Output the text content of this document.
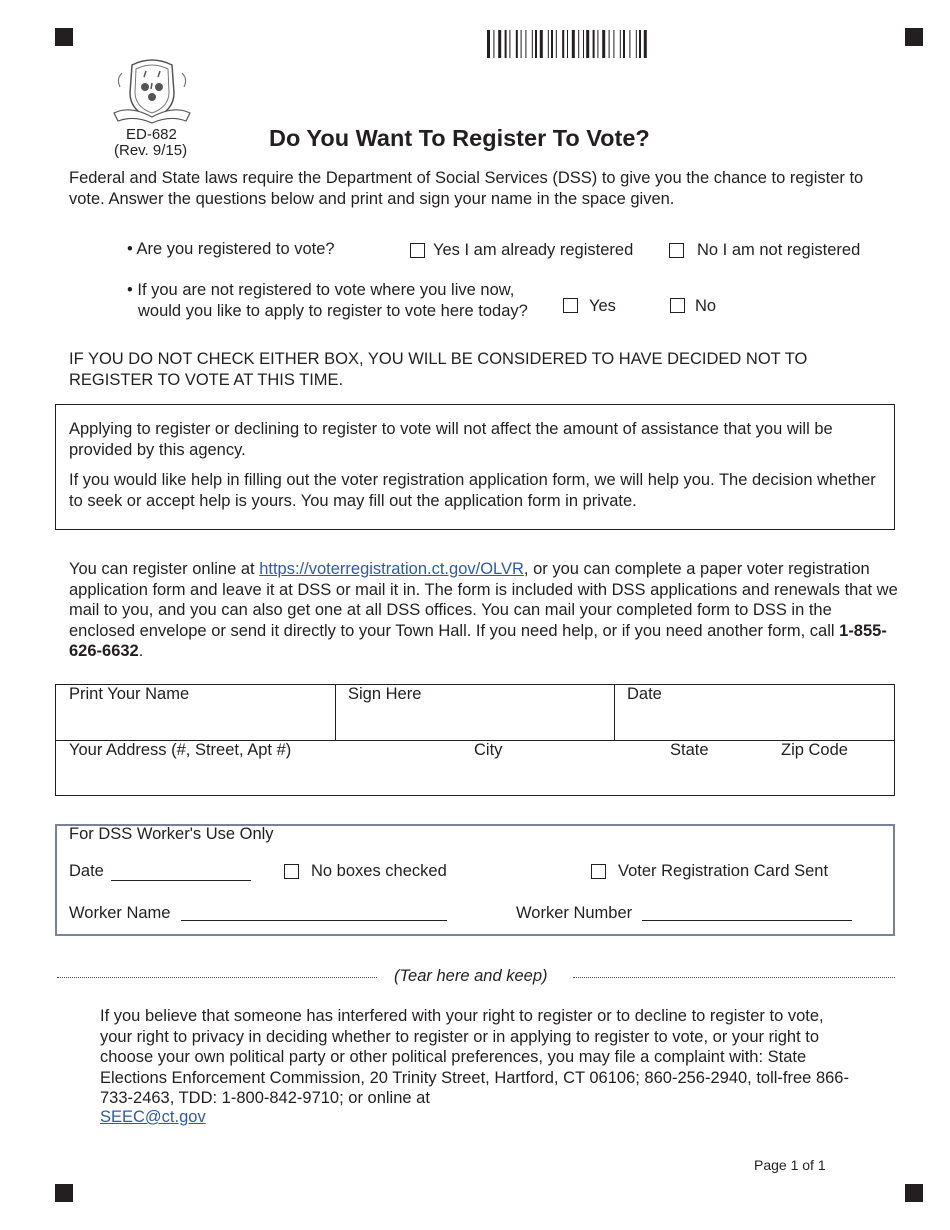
ED-682
(Rev. 9/15)	Do You Want To Register To Vote?

Federal and State laws require the Department of Social Services (DSS) to give you the chance to register to vote. Answer the questions below and print and sign your name in the space given.

• Are you registered to vote?	Yes I am already registered	No I am not registered
• If you are not registered to vote where you live now,
would you like to apply to register to vote here today?	Yes	No

IF YOU DO NOT CHECK EITHER BOX, YOU WILL BE CONSIDERED TO HAVE DECIDED NOT TO REGISTER TO VOTE AT THIS TIME.

Applying to register or declining to register to vote will not affect the amount of assistance that you will be provided by this agency.

If you would like help in filling out the voter registration application form, we will help you. The decision whether to seek or accept help is yours. You may fill out the application form in private.

You can register online at https://voterregistration.ct.gov/OLVR, or you can complete a paper voter registration application form and leave it at DSS or mail it in. The form is included with DSS applications and renewals that we mail to you, and you can also get one at all DSS offices. You can mail your completed form to DSS in the enclosed envelope or send it directly to your Town Hall. If you need help, or if you need another form, call 1-855-626-6632.

Print Your Name	Sign Here	Date
Your Address (#, Street, Apt #)	City	State	Zip Code
For DSS Worker's Use Only
Date	No boxes checked	Voter Registration Card Sent
Worker Name	Worker Number
(Tear here and keep)

If you believe that someone has interfered with your right to register or to decline to register to vote, your right to privacy in deciding whether to register or in applying to register to vote, or your right to choose your own political party or other political preferences, you may file a complaint with: State Elections Enforcement Commission, 20 Trinity Street, Hartford, CT 06106; 860-256-2940, toll-free 866-733-2463, TDD: 1-800-842-9710; or online at

SEEC@ct.gov
Page 1 of 1
